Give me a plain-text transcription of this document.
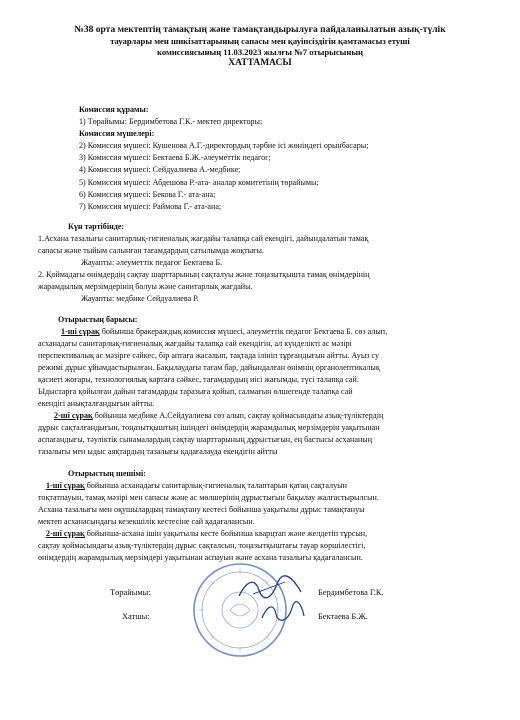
№38 орта мектептің тамақтың және тамақтандырылуға пайдаланылатын азық-түлік
тауарлары мен шикізаттарының сапасы мен қауіпсіздігін қамтамасыз етуші
комиссиясының 11.03.2023 жылғы №7 отырысының
ХАТТАМАСЫ
Комиссия құрамы:
1) Төрайымы: Бердимбетова Г.К.- мектеп директоры;
Комиссия мүшелері:
2) Комиссия мүшесі: Кушенова А.Г.-директордың тәрбие ісі жөніндегі орынбасары;
3) Комиссия мүшесі: Бектаева Б.Ж.-әлеуметтік педагог;
4) Комиссия мүшесі: Сейдуалиева А.-медбике;
5) Комиссия мүшесі: Абдешова Р.-ата- аналар комитетінің төрайымы;
6) Комиссия мүшесі: Бекова Г.- ата-ана;
7) Комиссия мүшесі: Раймова Г.- ата-ана;
Күн тәртібінде:
1.Асхана тазалығы санитарлық-гигиеналық жағдайы талапқа сай екендігі, дайындалатын тамақ
сапасы және тыйым салынған тағамдардың сатылымда жоқтығы.
Жауапты: әлеуметтік педагог Бектаева Б.
2. Қоймадағы өнімдердің сақтау шарттарының сақталуы және тоңазытқышта тамақ өнімдерінің
жарамдылық мерзімдерінің болуы және санитарлық жағдайы.
Жауапты: медбике Сейдуалиева Р.
Отырыстың барысы:
1-ші сұрақ бойынша бракераждық комиссия мүшесі, әлеуметтік педагог Бектаева Б. сөз алып,
асханадағы санитарлық-гигиеналық жағдайы талапқа сай екендігін, ал күнделікті ас мәзірі
перспективалық ас мәзірге сәйкес, бір аптаға жасалып, тақтада ілініп тұрғандығын айтты. Ауыз су
режимі дұрыс ұйымдастырылған. Бақылаудағы тағам бар, дайындалған өнімнің органолептикалық
қасиеті жоғары, технологиялық картаға сәйкес, тағамдардың иісі жағымды, түсі талапқа сай.
Ыдыстарға қойылған дайын тағамдарды таразыға қойып, салмағын өлшегенде талапқа сай
екендігі анықталғандығын айтты.
2-ші сұрақ бойынша медбике А.Сейдуалиева сөз алып, сақтау қоймасындағы азық-түліктердің
дұрыс сақталғандығын, тоңазытқыштың ішіндегі өнімдердің жарамдылық мерзімдерін уақытынан
аспағандығы, тәуліктік сынамалардың сақтау шарттарының дұрыстығын, ең бастысы асхананың
тазалығы мен ыдыс аяқтардың тазалығы қадағалауда екендігін айтты
Отырыстың шешімі:
1-ші сұрақ бойынша асханадағы санитарлық-гигиеналық талаптарын қатаң сақталуын
тоқтатпауын, тамақ мәзірі мен сапасы және ас мөлшерінің дұрыстығын бақылау жалғастырылсын.
Асхана тазалығы мен оқушылардың тамақтану кестесі бойынша уақытылы дұрыс тамақтануы
мектеп асханасындағы кезекшілік кестесіне сай қадағалансын.
2-ші сұрақ бойынша-асхана ішін уақытылы кесте бойынша кварцтап және желдетіп тұрсын,
сақтау қоймасындағы азық-түліктердің дұрыс сақталсын, тоңазытқыштағы тауар көршілестігі,
өнімдердің жарамдылық мерзімдері уақытынан аспауын және асхана тазалығы қадағалансын.
Төрайымы:	Бердимбетова Г.К.
Хатшы:	Бектаева Б.Ж.
